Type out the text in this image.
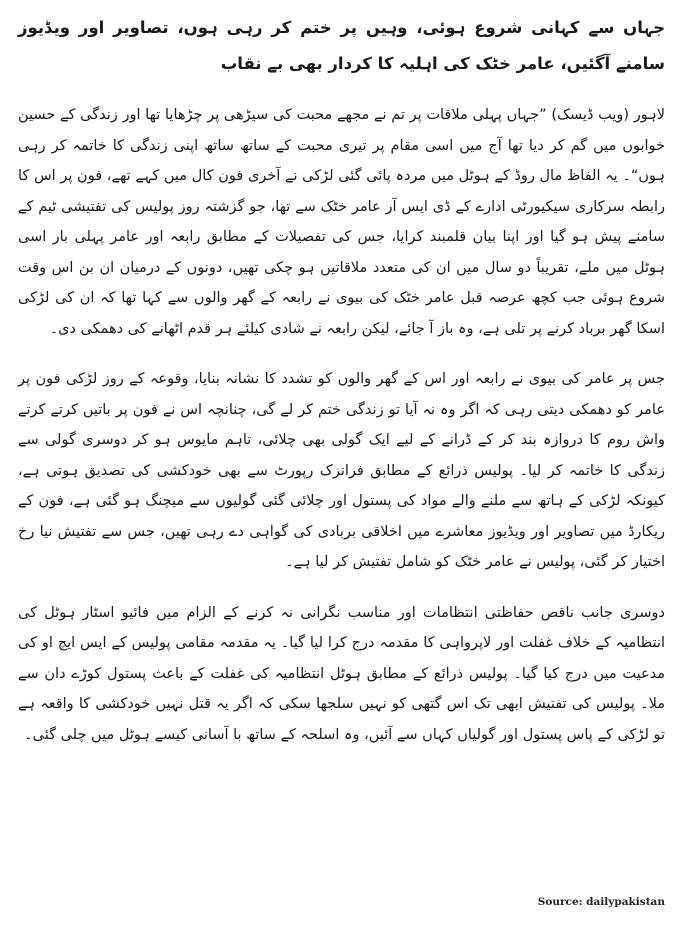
جہاں سے کہانی شروع ہوئی، وہیں پر ختم کر رہی ہوں، تصاویر اور ویڈیوز سامنے آگئیں، عامر خٹک کی اہلیہ کا کردار بھی بے نقاب

لاہور (ویب ڈیسک) ”جہاں پہلی ملاقات پر تم نے مجھے محبت کی سیڑھی پر چڑھایا تھا اور زندگی کے حسین خوابوں میں گم کر دیا تھا آج میں اسی مقام پر تیری محبت کے ساتھ ساتھ اپنی زندگی کا خاتمہ کر رہی ہوں“۔ یہ الفاظ مال روڈ کے ہوٹل میں مردہ پائی گئی لڑکی نے آخری فون کال میں کہے تھے، فون پر اس کا رابطہ سرکاری سیکیورٹی ادارے کے ڈی ایس آر عامر خٹک سے تھا، جو گزشتہ روز پولیس کی تفتیشی ٹیم کے سامنے پیش ہو گیا اور اپنا بیان قلمبند کرایا، جس کی تفصیلات کے مطابق رابعہ اور عامر پہلی بار اسی ہوٹل میں ملے، تقریباً دو سال میں ان کی متعدد ملاقاتیں ہو چکی تھیں، دونوں کے درمیان ان بن اس وقت شروع ہوئی جب کچھ عرصہ قبل عامر خٹک کی بیوی نے رابعہ کے گھر والوں سے کہا تھا کہ ان کی لڑکی اسکا گھر برباد کرنے پر تلی ہے، وہ باز آ جائے، لیکن رابعہ نے شادی کیلئے ہر قدم اٹھانے کی دھمکی دی۔

جس پر عامر کی بیوی نے رابعہ اور اس کے گھر والوں کو تشدد کا نشانہ بنایا، وقوعہ کے روز لڑکی فون پر عامر کو دھمکی دیتی رہی کہ اگر وہ نہ آیا تو زندگی ختم کر لے گی، چنانچہ اس نے فون پر باتیں کرتے کرتے واش روم کا دروازہ بند کر کے ڈرانے کے لیے ایک گولی بھی چلائی، تاہم مایوس ہو کر دوسری گولی سے زندگی کا خاتمہ کر لیا۔ پولیس ذرائع کے مطابق فرانزک رپورٹ سے بھی خودکشی کی تصدیق ہوتی ہے، کیونکہ لڑکی کے ہاتھ سے ملنے والے مواد کی پستول اور چلائی گئی گولیوں سے میچنگ ہو گئی ہے، فون کے ریکارڈ میں تصاویر اور ویڈیوز معاشرے میں اخلاقی بربادی کی گواہی دے رہی تھیں، جس سے تفتیش نیا رخ اختیار کر گئی، پولیس نے عامر خٹک کو شامل تفتیش کر لیا ہے۔

دوسری جانب ناقص حفاظتی انتظامات اور مناسب نگرانی نہ کرنے کے الزام میں فائیو اسٹار ہوٹل کی انتظامیہ کے خلاف غفلت اور لاپرواہی کا مقدمہ درج کرا لیا گیا۔ یہ مقدمہ مقامی پولیس کے ایس ایچ او کی مدعیت میں درج کیا گیا۔ پولیس ذرائع کے مطابق ہوٹل انتظامیہ کی غفلت کے باعث پستول کوڑے دان سے ملا۔ پولیس کی تفتیش ابھی تک اس گتھی کو نہیں سلجھا سکی کہ اگر یہ قتل نہیں خودکشی کا واقعہ ہے تو لڑکی کے پاس پستول اور گولیاں کہاں سے آئیں، وہ اسلحہ کے ساتھ با آسانی کیسے ہوٹل میں چلی گئی۔

Source: dailypakistan
